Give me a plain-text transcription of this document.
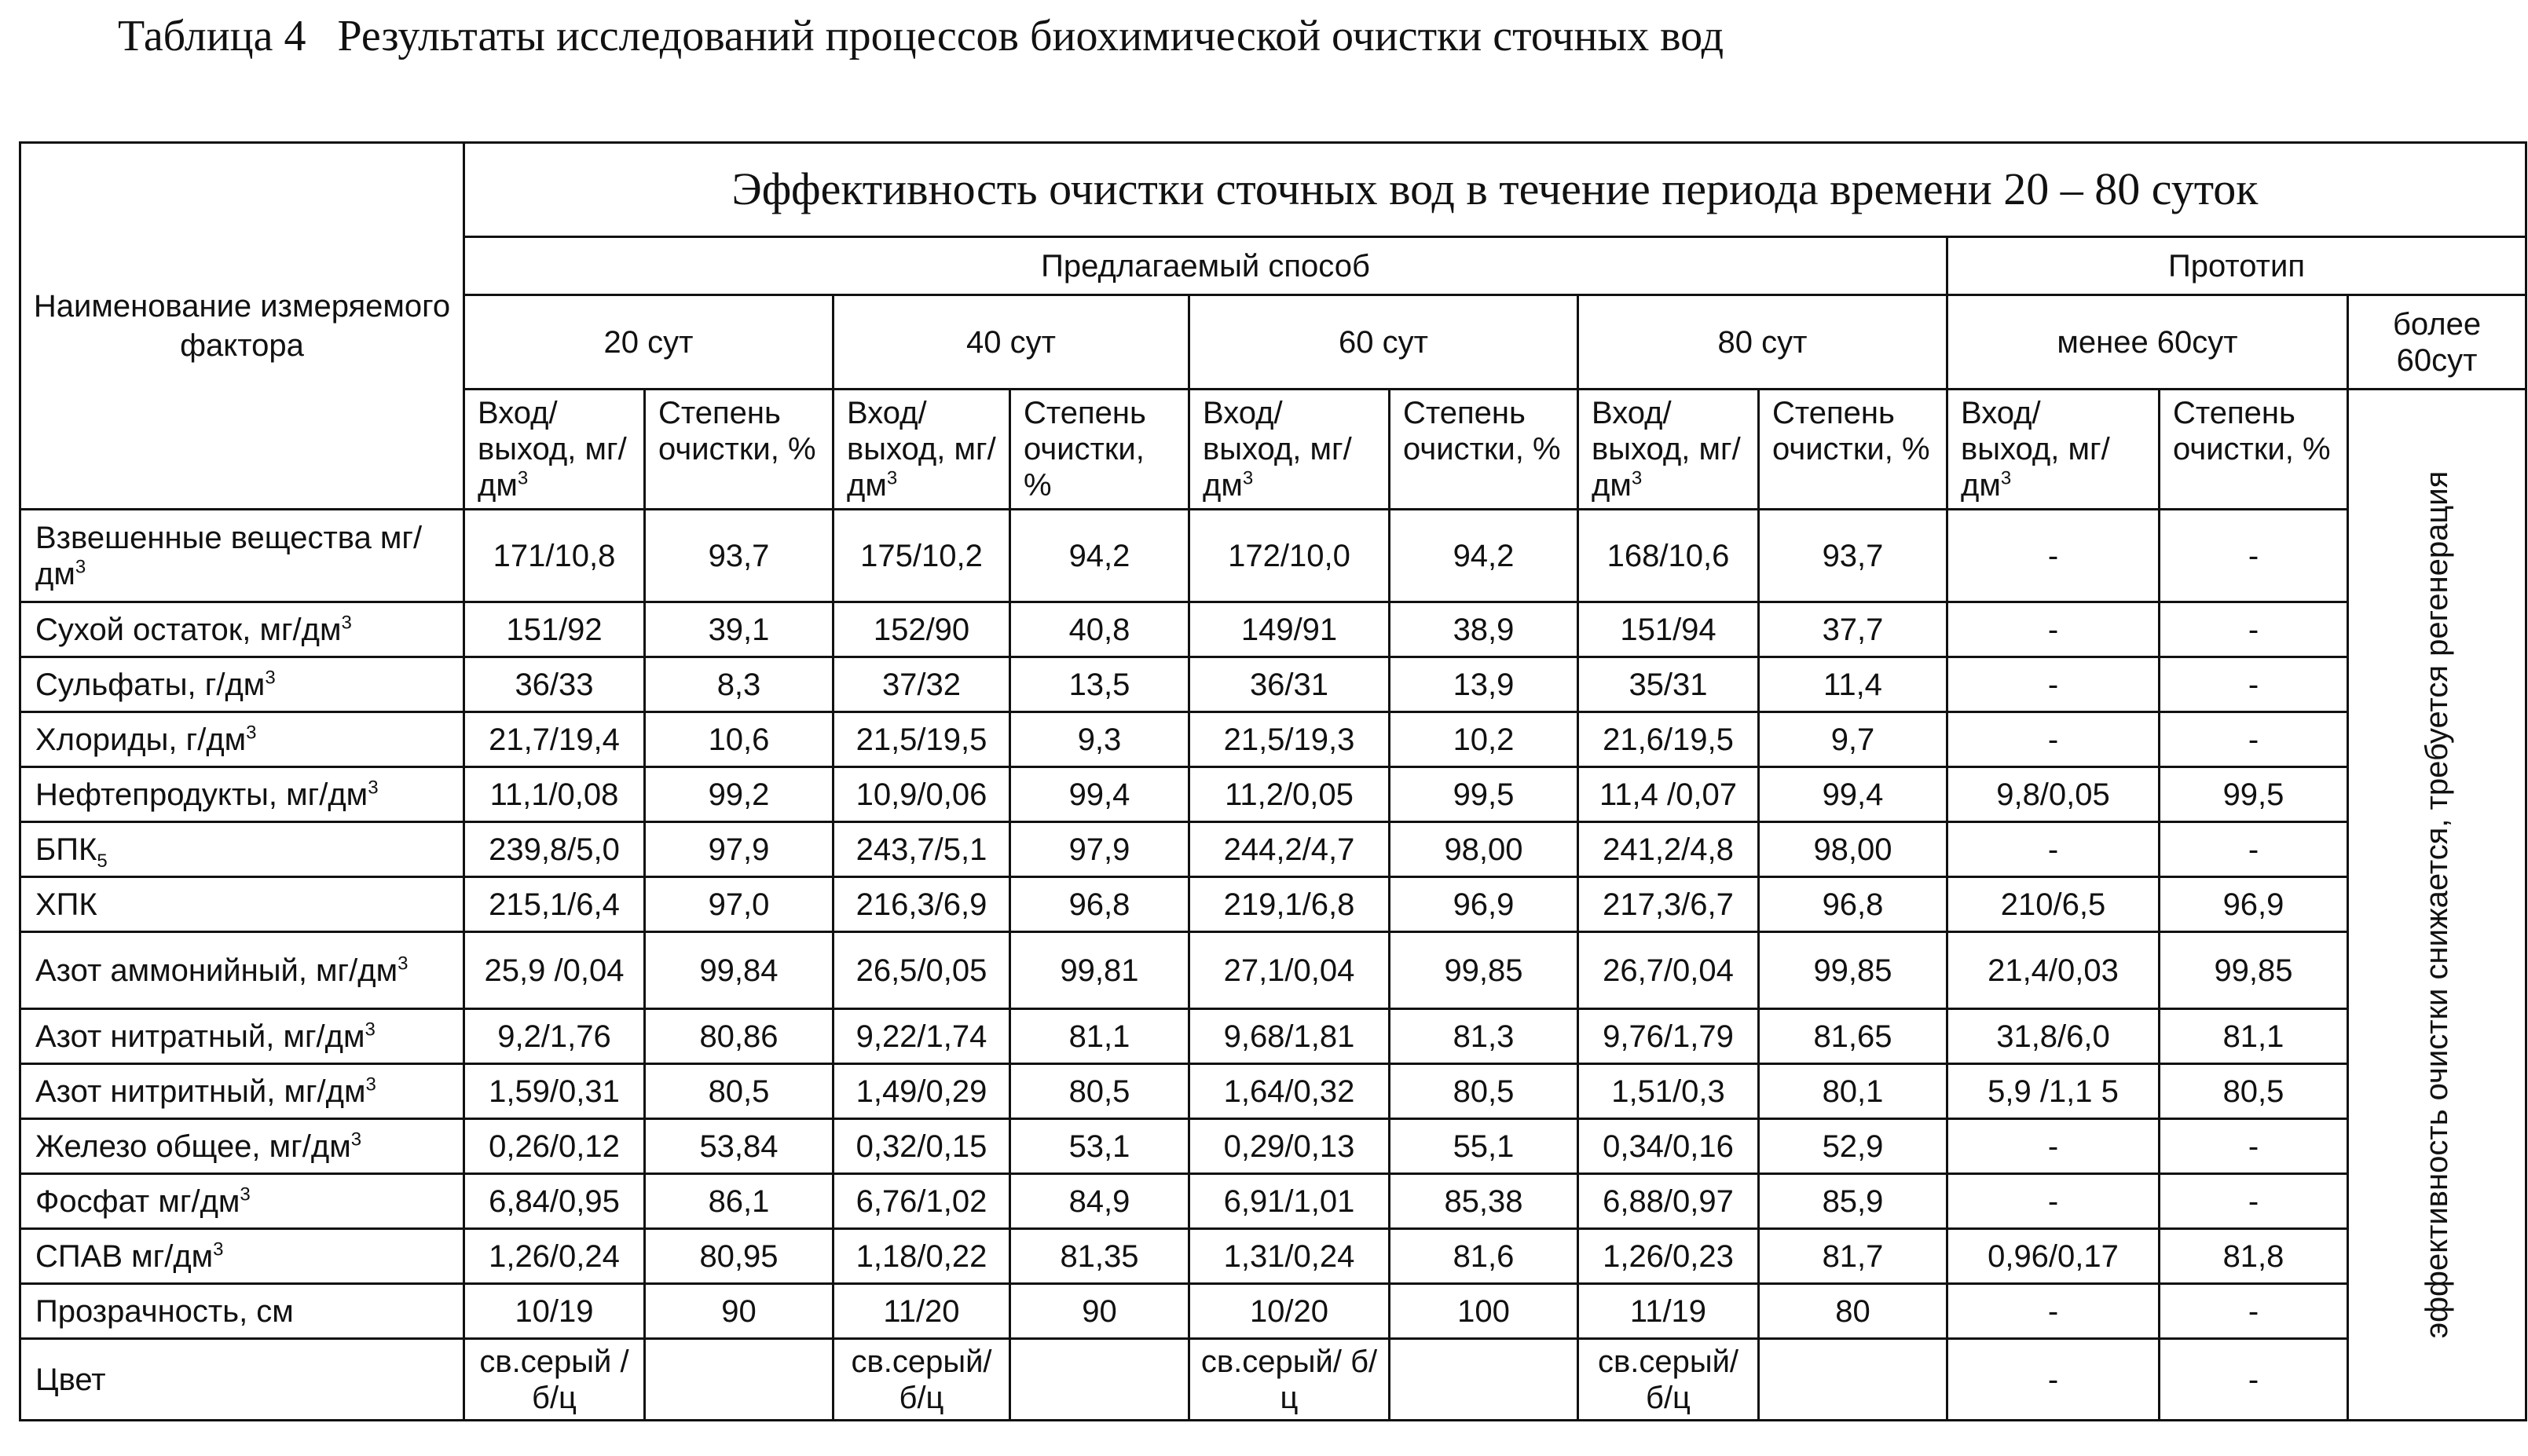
Таблица 4 Результаты исследований процессов биохимической очистки сточных вод
Наименование измеряемого фактора	Эффективность очистки сточных вод в течение периода времени 20 – 80 суток										
	Предлагаемый способ								Прототип		
	20 сут		40 сут		60 сут		80 сут		менее 60сут		более 60сут
	Вход/ выход, $мг/дм^3$	Степень очистки, %	Вход/ выход, $мг/дм^3$	Степень очистки, %	Вход/ выход, $мг/дм^3$	Степень очистки, %	Вход/ выход, $мг/дм^3$	Степень очистки, %	Вход/ выход, $мг/дм^3$	Степень очистки, %	эффективность очистки снижается, требуется регенерация

Взвешенные вещества $мг/дм^3$	171/10,8	93,7	175/10,2	94,2	172/10,0	94,2	168/10,6	93,7	-	-	
Сухой остаток, $мг/дм^3$	151/92	39,1	152/90	40,8	149/91	38,9	151/94	37,7	-	-	
Сульфаты, $г/дм^3$	36/33	8,3	37/32	13,5	36/31	13,9	35/31	11,4	-	-	
Хлориды, $г/дм^3$	21,7/19,4	10,6	21,5/19,5	9,3	21,5/19,3	10,2	21,6/19,5	9,7	-	-	
Нефтепродукты, $мг/дм^3$	11,1/0,08	99,2	10,9/0,06	99,4	11,2/0,05	99,5	11,4 /0,07	99,4	9,8/0,05	99,5	
$БПК_5$	239,8/5,0	97,9	243,7/5,1	97,9	244,2/4,7	98,00	241,2/4,8	98,00	-	-	
ХПК	215,1/6,4	97,0	216,3/6,9	96,8	219,1/6,8	96,9	217,3/6,7	96,8	210/6,5	96,9	
Азот аммонийный, $мг/дм^3$	25,9 /0,04	99,84	26,5/0,05	99,81	27,1/0,04	99,85	26,7/0,04	99,85	21,4/0,03	99,85	
Азот нитратный, $мг/дм^3$	9,2/1,76	80,86	9,22/1,74	81,1	9,68/1,81	81,3	9,76/1,79	81,65	31,8/6,0	81,1	
Азот нитритный, $мг/дм^3$	1,59/0,31	80,5	1,49/0,29	80,5	1,64/0,32	80,5	1,51/0,3	80,1	5,9 /1,1 5	80,5	
Железо общее, $мг/дм^3$	0,26/0,12	53,84	0,32/0,15	53,1	0,29/0,13	55,1	0,34/0,16	52,9	-	-	
Фосфат $мг/дм^3$	6,84/0,95	86,1	6,76/1,02	84,9	6,91/1,01	85,38	6,88/0,97	85,9	-	-	
СПАВ $мг/дм^3$	1,26/0,24	80,95	1,18/0,22	81,35	1,31/0,24	81,6	1,26/0,23	81,7	0,96/0,17	81,8	
Прозрачность, см	10/19	90	11/20	90	10/20	100	11/19	80	-	-	
Цвет	св.серый / б/ц		св.серый/ б/ц		св.серый/ б/ц		св.серый/ б/ц		-	-	
